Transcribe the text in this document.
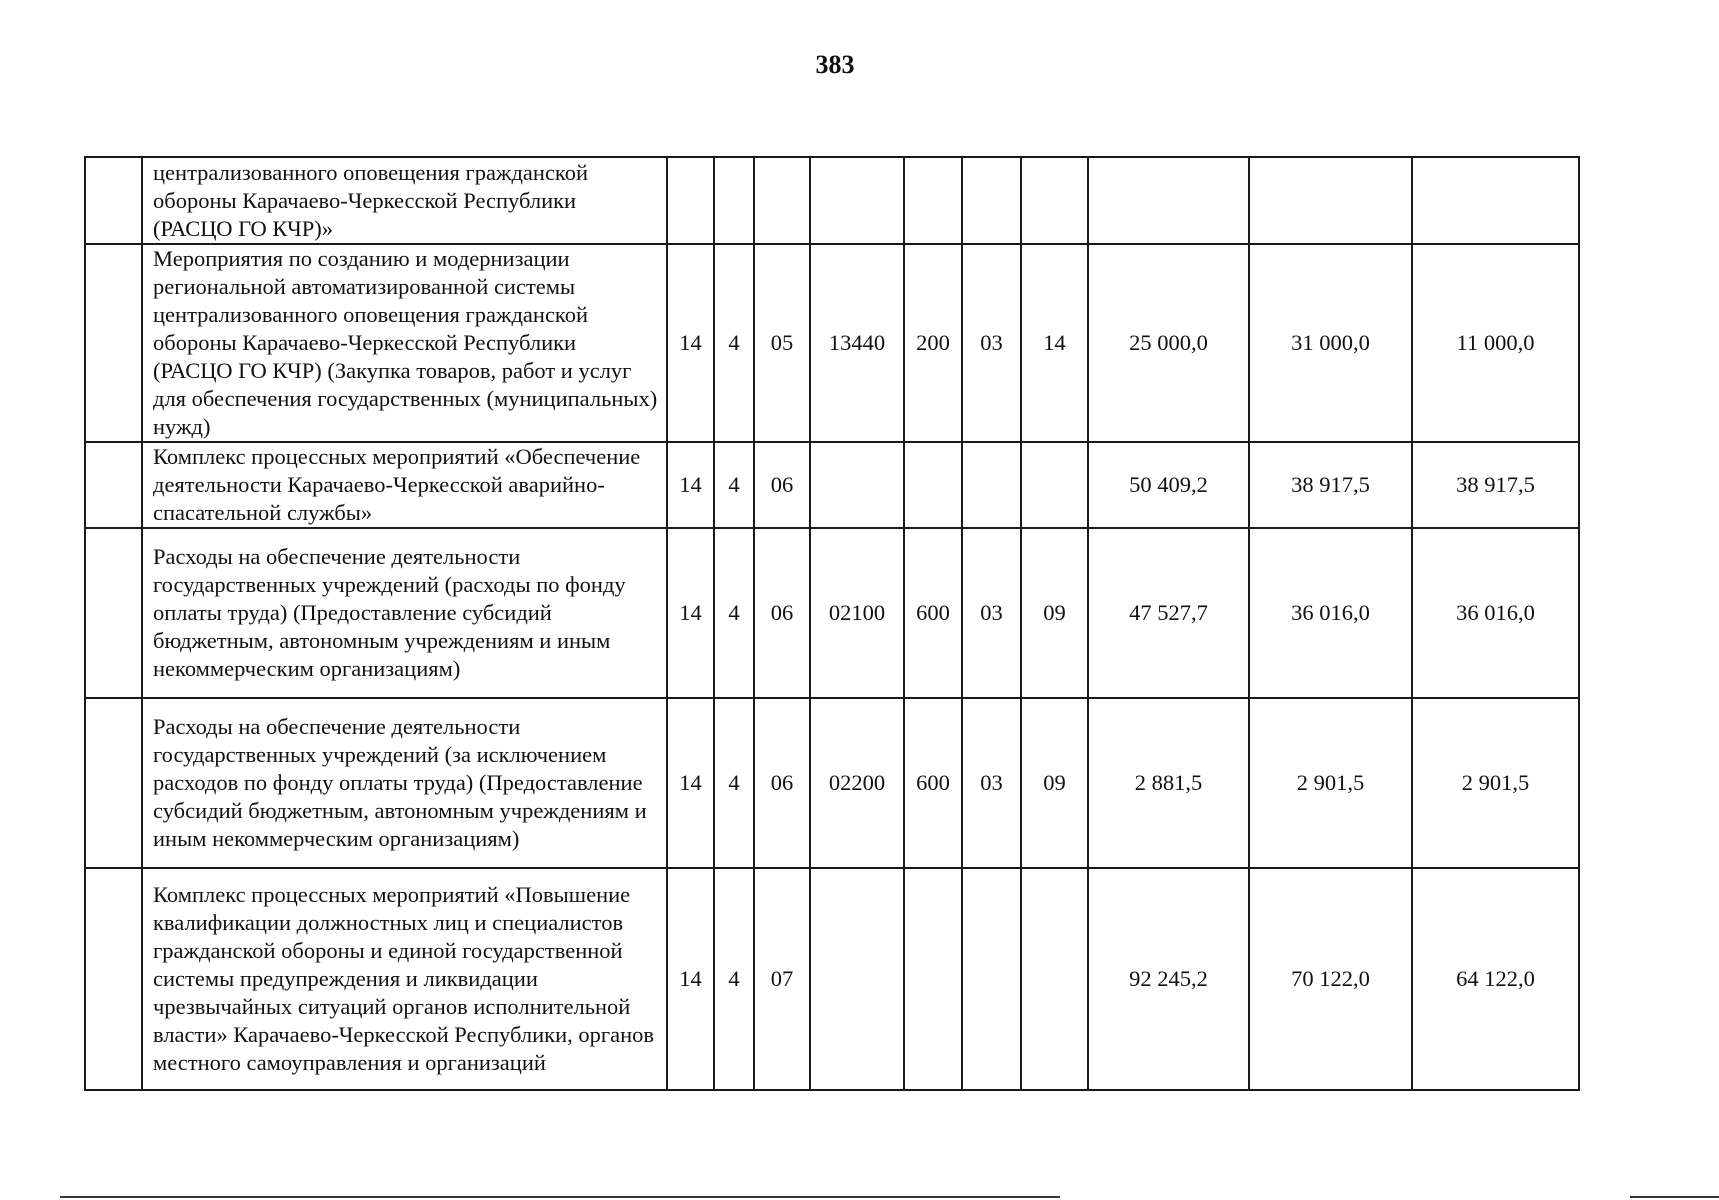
383
	централизованного оповещения гражданской обороны Карачаево-Черкесской Республики (РАСЦО ГО КЧР)»										
	Мероприятия по созданию и модернизации региональной автоматизированной системы централизованного оповещения гражданской обороны Карачаево-Черкесской Республики (РАСЦО ГО КЧР) (Закупка товаров, работ и услуг для обеспечения государственных (муниципальных) нужд)	14	4	05	13440	200	03	14	25 000,0	31 000,0	11 000,0
	Комплекс процессных мероприятий «Обеспечение деятельности Карачаево-Черкесской аварийно-спасательной службы»	14	4	06					50 409,2	38 917,5	38 917,5
	Расходы на обеспечение деятельности государственных учреждений (расходы по фонду оплаты труда) (Предоставление субсидий бюджетным, автономным учреждениям и иным некоммерческим организациям)	14	4	06	02100	600	03	09	47 527,7	36 016,0	36 016,0
	Расходы на обеспечение деятельности государственных учреждений (за исключением расходов по фонду оплаты труда) (Предоставление субсидий бюджетным, автономным учреждениям и иным некоммерческим организациям)	14	4	06	02200	600	03	09	2 881,5	2 901,5	2 901,5
	Комплекс процессных мероприятий «Повышение квалификации должностных лиц и специалистов гражданской обороны и единой государственной системы предупреждения и ликвидации чрезвычайных ситуаций органов исполнительной власти» Карачаево-Черкесской Республики, органов местного самоуправления и организаций	14	4	07					92 245,2	70 122,0	64 122,0
